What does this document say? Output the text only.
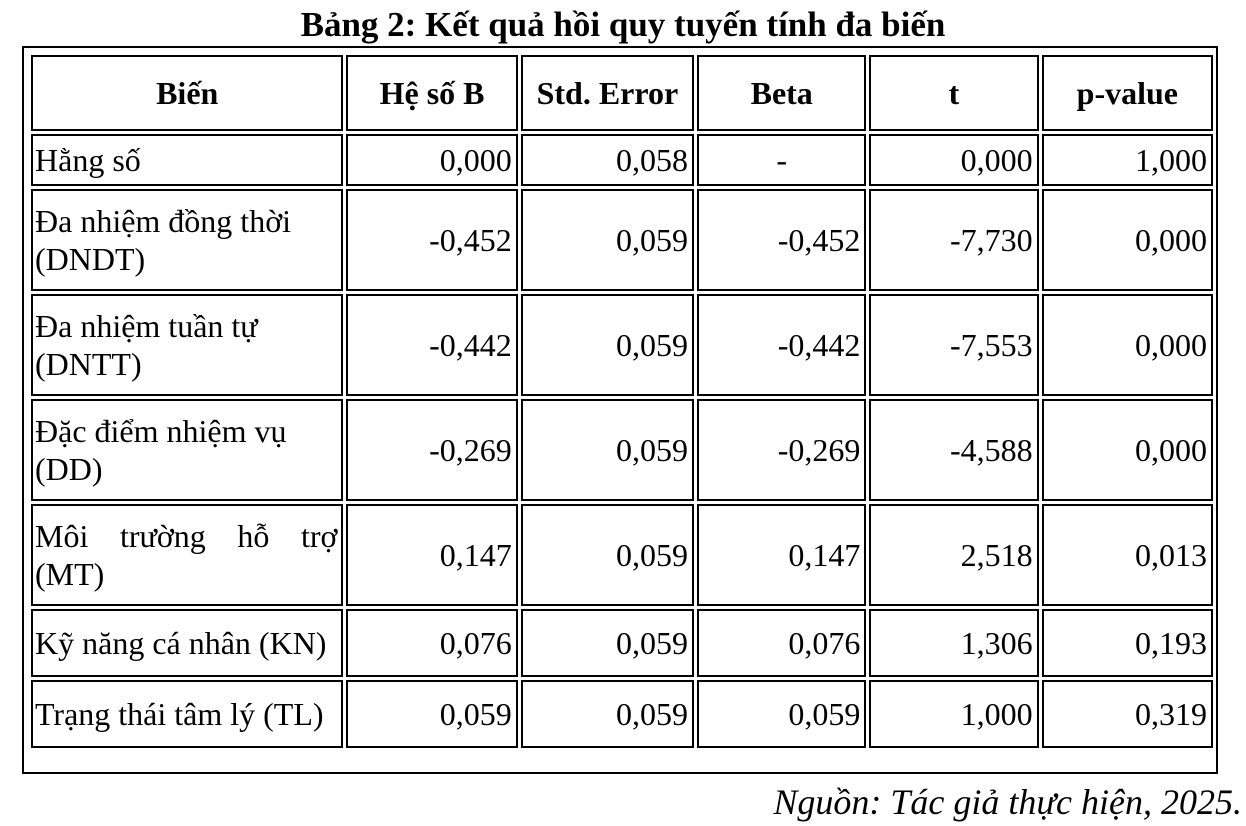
Bảng 2: Kết quả hồi quy tuyến tính đa biến
Biến	Hệ số B	Std. Error	Beta	t	p-value
Hằng số	0,000	0,058	-	0,000	1,000
Đa nhiệm đồng thời (DNDT)	-0,452	0,059	-0,452	-7,730	0,000
Đa nhiệm tuần tự (DNTT)	-0,442	0,059	-0,442	-7,553	0,000
Đặc điểm nhiệm vụ (DD)	-0,269	0,059	-0,269	-4,588	0,000
Môi trường hỗ trợ (MT)	0,147	0,059	0,147	2,518	0,013
Kỹ năng cá nhân (KN)	0,076	0,059	0,076	1,306	0,193
Trạng thái tâm lý (TL)	0,059	0,059	0,059	1,000	0,319
Nguồn: Tác giả thực hiện, 2025.
